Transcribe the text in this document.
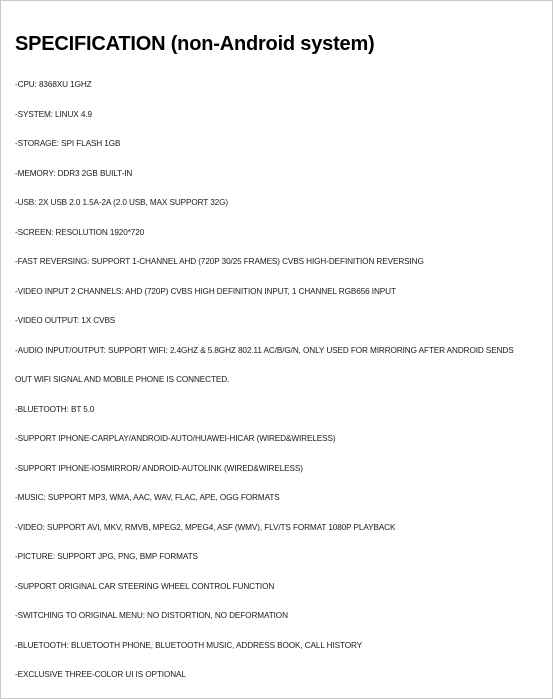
SPECIFICATION (non-Android system)
-CPU: 8368XU 1GHZ
-SYSTEM: LINUX 4.9
-STORAGE: SPI FLASH 1GB
-MEMORY: DDR3 2GB BUILT-IN
-USB: 2X USB 2.0 1.5A-2A (2.0 USB, MAX SUPPORT 32G)
-SCREEN: RESOLUTION 1920*720
-FAST REVERSING: SUPPORT 1-CHANNEL AHD (720P 30/25 FRAMES) CVBS HIGH-DEFINITION REVERSING
-VIDEO INPUT 2 CHANNELS: AHD (720P) CVBS HIGH DEFINITION INPUT, 1 CHANNEL RGB656 INPUT
-VIDEO OUTPUT: 1X CVBS
-AUDIO INPUT/OUTPUT: SUPPORT WIFI: 2.4GHZ & 5.8GHZ 802.11 AC/B/G/N, ONLY USED FOR MIRRORING AFTER ANDROID SENDS
OUT WIFI SIGNAL AND MOBILE PHONE IS CONNECTED.
-BLUETOOTH: BT 5.0
-SUPPORT IPHONE-CARPLAY/ANDROID-AUTO/HUAWEI-HICAR (WIRED&WIRELESS)
-SUPPORT IPHONE-IOSMIRROR/ ANDROID-AUTOLINK (WIRED&WIRELESS)
-MUSIC: SUPPORT MP3, WMA, AAC, WAV, FLAC, APE, OGG FORMATS
-VIDEO: SUPPORT AVI, MKV, RMVB, MPEG2, MPEG4, ASF (WMV), FLV/TS FORMAT 1080P PLAYBACK
-PICTURE: SUPPORT JPG, PNG, BMP FORMATS
-SUPPORT ORIGINAL CAR STEERING WHEEL CONTROL FUNCTION
-SWITCHING TO ORIGINAL MENU: NO DISTORTION, NO DEFORMATION
-BLUETOOTH: BLUETOOTH PHONE, BLUETOOTH MUSIC, ADDRESS BOOK, CALL HISTORY
-EXCLUSIVE THREE-COLOR UI IS OPTIONAL
